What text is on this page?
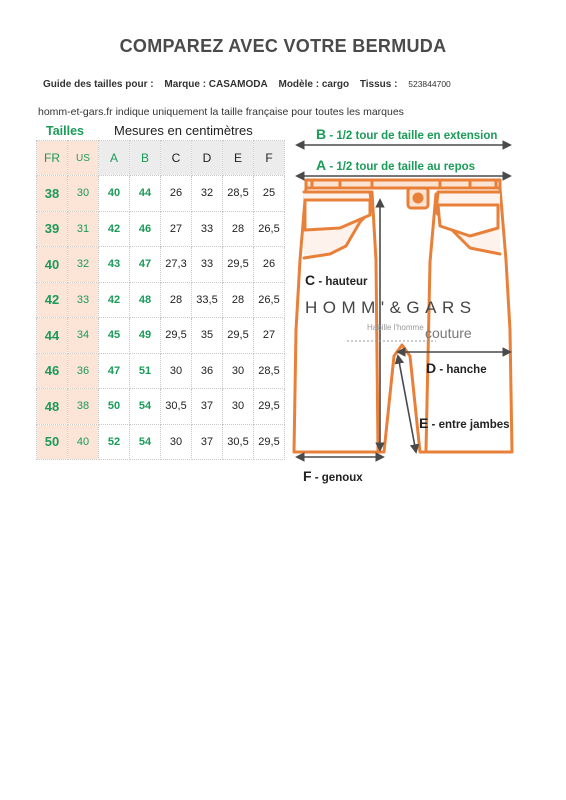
COMPAREZ AVEC VOTRE BERMUDA
Guide des tailles pour : Marque : CASAMODA Modèle : cargo Tissus : 523844700
homm-et-gars.fr indique uniquement la taille française pour toutes les marques
Tailles Mesures en centimètres
FR	US	A	B	C	D	E	F
38	30	40	44	26	32	28,5	25
39	31	42	46	27	33	28	26,5
40	32	43	47	27,3	33	29,5	26
42	33	42	48	28	33,5	28	26,5
44	34	45	49	29,5	35	29,5	27
46	36	47	51	30	36	30	28,5
48	38	50	54	30,5	37	30	29,5
50	40	52	54	30	37	30,5	29,5
B - 1/2 tour de taille en extension
A - 1/2 tour de taille au repos
C - hauteur
D - hanche
E - entre jambes
F - genoux
HOMM'&GARS
Habille l'homme couture
